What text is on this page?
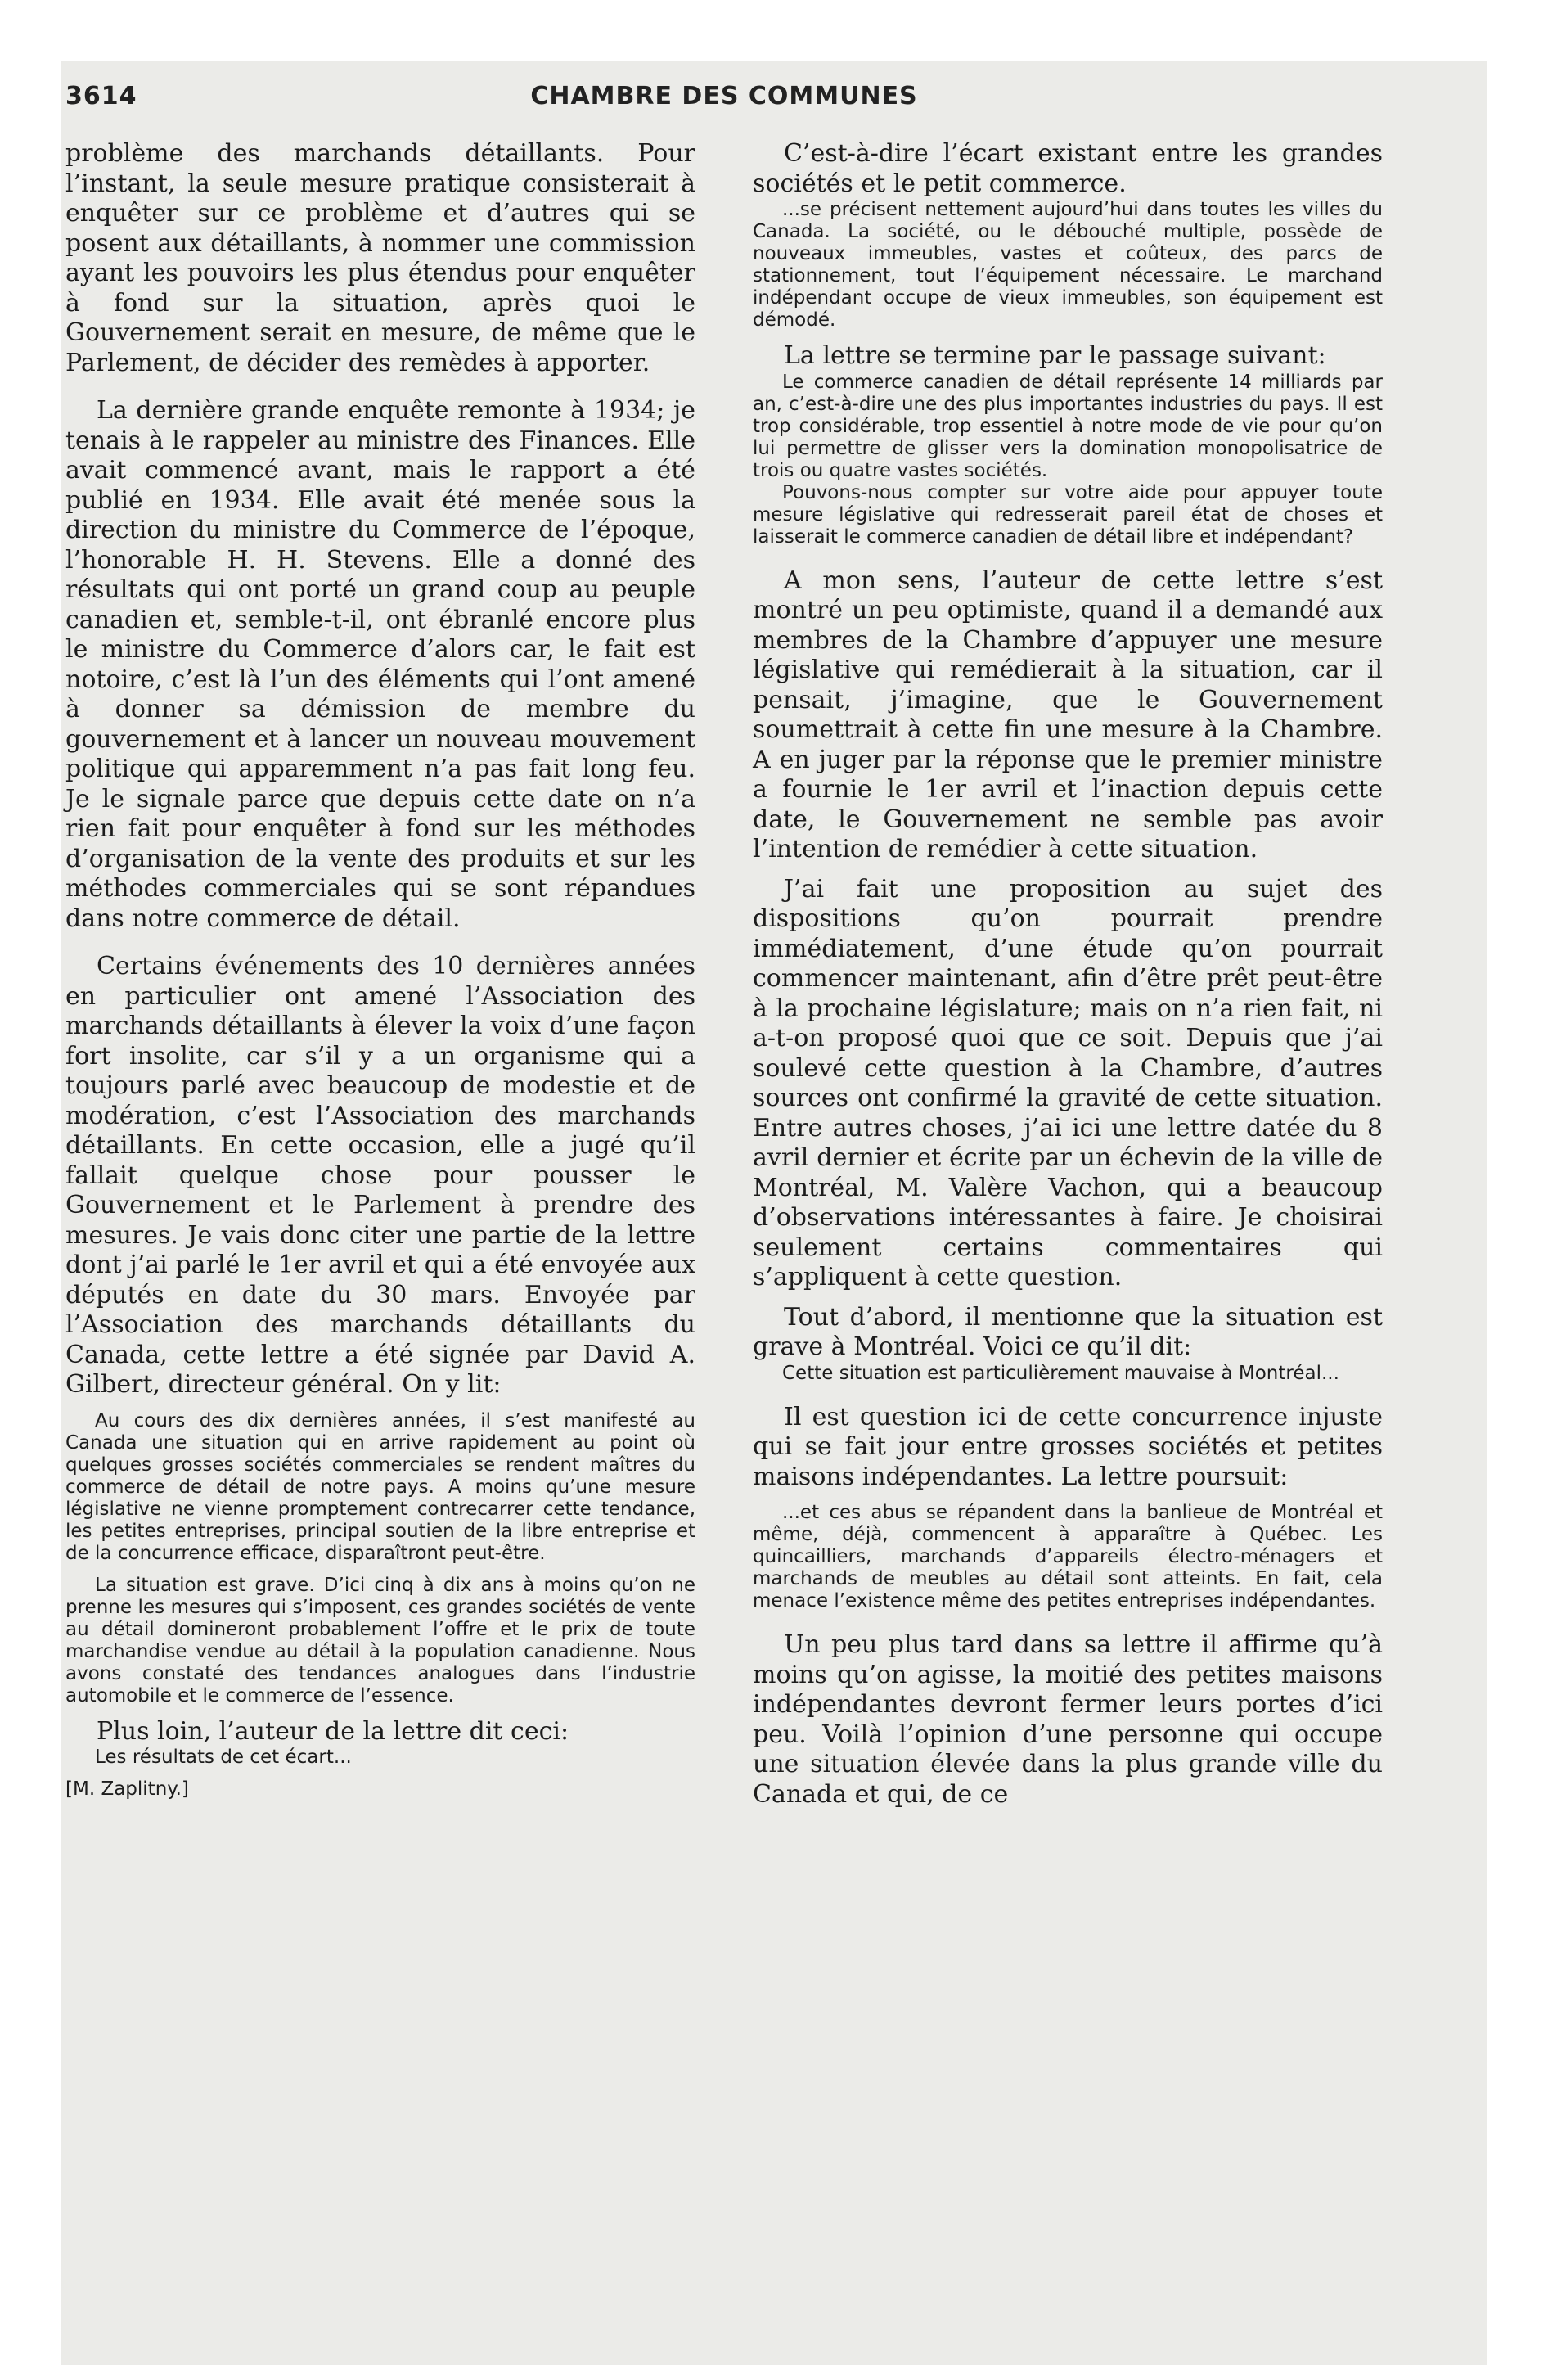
3614	CHAMBRE DES COMMUNES

problème des marchands détaillants. Pour l’instant, la seule mesure pratique consisterait à enquêter sur ce problème et d’autres qui se posent aux détaillants, à nommer une commission ayant les pouvoirs les plus étendus pour enquêter à fond sur la situation, après quoi le Gouvernement serait en mesure, de même que le Parlement, de décider des remèdes à apporter.

La dernière grande enquête remonte à 1934; je tenais à le rappeler au ministre des Finances. Elle avait commencé avant, mais le rapport a été publié en 1934. Elle avait été menée sous la direction du ministre du Commerce de l’époque, l’honorable H. H. Stevens. Elle a donné des résultats qui ont porté un grand coup au peuple canadien et, semble-t-il, ont ébranlé encore plus le ministre du Commerce d’alors car, le fait est notoire, c’est là l’un des éléments qui l’ont amené à donner sa démission de membre du gouvernement et à lancer un nouveau mouvement politique qui apparemment n’a pas fait long feu. Je le signale parce que depuis cette date on n’a rien fait pour enquêter à fond sur les méthodes d’organisation de la vente des produits et sur les méthodes commerciales qui se sont répandues dans notre commerce de détail.

Certains événements des 10 dernières années en particulier ont amené l’Association des marchands détaillants à élever la voix d’une façon fort insolite, car s’il y a un organisme qui a toujours parlé avec beaucoup de modestie et de modération, c’est l’Association des marchands détaillants. En cette occasion, elle a jugé qu’il fallait quelque chose pour pousser le Gouvernement et le Parlement à prendre des mesures. Je vais donc citer une partie de la lettre dont j’ai parlé le 1er avril et qui a été envoyée aux députés en date du 30 mars. Envoyée par l’Association des marchands détaillants du Canada, cette lettre a été signée par David A. Gilbert, directeur général. On y lit:

Au cours des dix dernières années, il s’est manifesté au Canada une situation qui en arrive rapidement au point où quelques grosses sociétés commerciales se rendent maîtres du commerce de détail de notre pays. A moins qu’une mesure législative ne vienne promptement contrecarrer cette tendance, les petites entreprises, principal soutien de la libre entreprise et de la concurrence efficace, disparaîtront peut-être.

La situation est grave. D’ici cinq à dix ans à moins qu’on ne prenne les mesures qui s’imposent, ces grandes sociétés de vente au détail domineront probablement l’offre et le prix de toute marchandise vendue au détail à la population canadienne. Nous avons constaté des tendances analogues dans l’industrie automobile et le commerce de l’essence.

Plus loin, l’auteur de la lettre dit ceci:

Les résultats de cet écart...

[M. Zaplitny.]

C’est-à-dire l’écart existant entre les grandes sociétés et le petit commerce.

...se précisent nettement aujourd’hui dans toutes les villes du Canada. La société, ou le débouché multiple, possède de nouveaux immeubles, vastes et coûteux, des parcs de stationnement, tout l’équipement nécessaire. Le marchand indépendant occupe de vieux immeubles, son équipement est démodé.

La lettre se termine par le passage suivant:

Le commerce canadien de détail représente 14 milliards par an, c’est-à-dire une des plus importantes industries du pays. Il est trop considérable, trop essentiel à notre mode de vie pour qu’on lui permettre de glisser vers la domination monopolisatrice de trois ou quatre vastes sociétés.

Pouvons-nous compter sur votre aide pour appuyer toute mesure législative qui redresserait pareil état de choses et laisserait le commerce canadien de détail libre et indépendant?

A mon sens, l’auteur de cette lettre s’est montré un peu optimiste, quand il a demandé aux membres de la Chambre d’appuyer une mesure législative qui remédierait à la situation, car il pensait, j’imagine, que le Gouvernement soumettrait à cette fin une mesure à la Chambre. A en juger par la réponse que le premier ministre a fournie le 1er avril et l’inaction depuis cette date, le Gouvernement ne semble pas avoir l’intention de remédier à cette situation.

J’ai fait une proposition au sujet des dispositions qu’on pourrait prendre immédiatement, d’une étude qu’on pourrait commencer maintenant, afin d’être prêt peut-être à la prochaine législature; mais on n’a rien fait, ni a-t-on proposé quoi que ce soit. Depuis que j’ai soulevé cette question à la Chambre, d’autres sources ont confirmé la gravité de cette situation. Entre autres choses, j’ai ici une lettre datée du 8 avril dernier et écrite par un échevin de la ville de Montréal, M. Valère Vachon, qui a beaucoup d’observations intéressantes à faire. Je choisirai seulement certains commentaires qui s’appliquent à cette question.

Tout d’abord, il mentionne que la situation est grave à Montréal. Voici ce qu’il dit:

Cette situation est particulièrement mauvaise à Montréal...

Il est question ici de cette concurrence injuste qui se fait jour entre grosses sociétés et petites maisons indépendantes. La lettre poursuit:

...et ces abus se répandent dans la banlieue de Montréal et même, déjà, commencent à apparaître à Québec. Les quincailliers, marchands d’appareils électro-ménagers et marchands de meubles au détail sont atteints. En fait, cela menace l’existence même des petites entreprises indépendantes.

Un peu plus tard dans sa lettre il affirme qu’à moins qu’on agisse, la moitié des petites maisons indépendantes devront fermer leurs portes d’ici peu. Voilà l’opinion d’une personne qui occupe une situation élevée dans la plus grande ville du Canada et qui, de ce
